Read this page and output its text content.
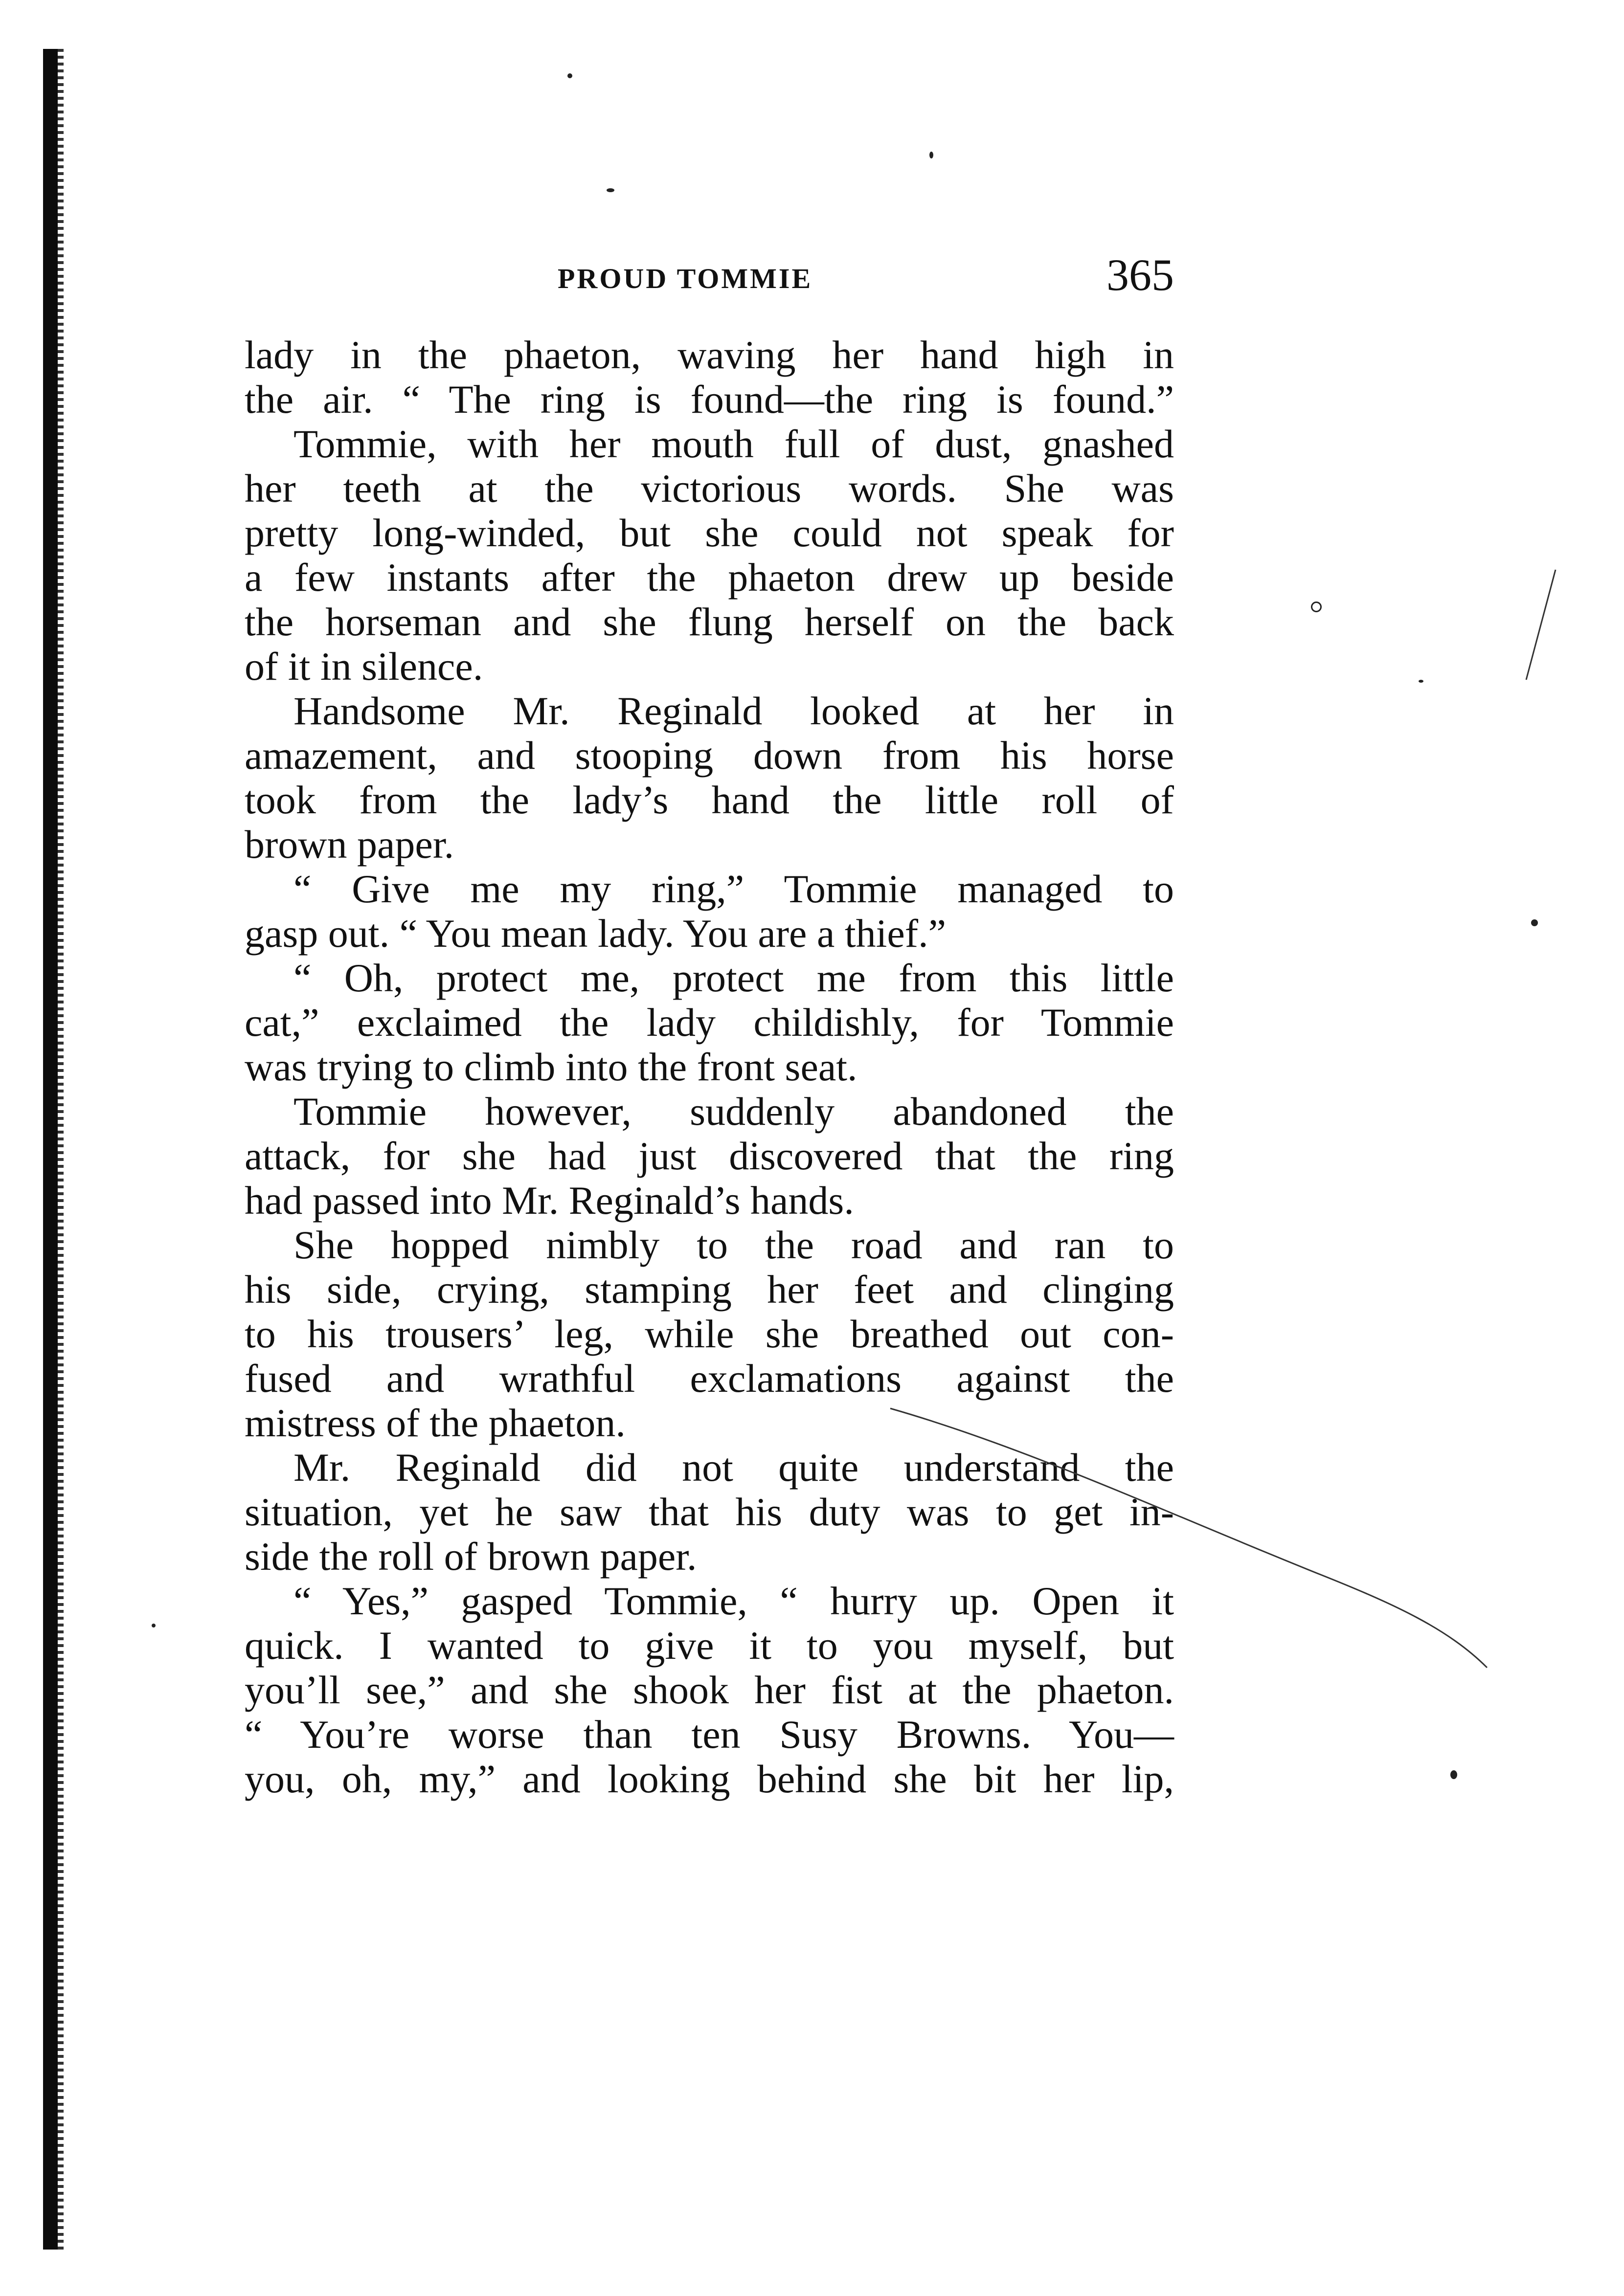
PROUD TOMMIE	365
lady in the phaeton, waving her hand high in
the air. “ The ring is found—the ring is found.”
Tommie, with her mouth full of dust, gnashed
her teeth at the victorious words. She was
pretty long-winded, but she could not speak for
a few instants after the phaeton drew up beside
the horseman and she flung herself on the back
of it in silence.
Handsome Mr. Reginald looked at her in
amazement, and stooping down from his horse
took from the lady’s hand the little roll of
brown paper.
“ Give me my ring,” Tommie managed to
gasp out. “ You mean lady. You are a thief.”
“ Oh, protect me, protect me from this little
cat,” exclaimed the lady childishly, for Tommie
was trying to climb into the front seat.
Tommie however, suddenly abandoned the
attack, for she had just discovered that the ring
had passed into Mr. Reginald’s hands.
She hopped nimbly to the road and ran to
his side, crying, stamping her feet and clinging
to his trousers’ leg, while she breathed out con-
fused and wrathful exclamations against the
mistress of the phaeton.
Mr. Reginald did not quite understand the
situation, yet he saw that his duty was to get in-
side the roll of brown paper.
“ Yes,” gasped Tommie, “ hurry up. Open it
quick. I wanted to give it to you myself, but
you’ll see,” and she shook her fist at the phaeton.
“ You’re worse than ten Susy Browns. You—
you, oh, my,” and looking behind she bit her lip,
